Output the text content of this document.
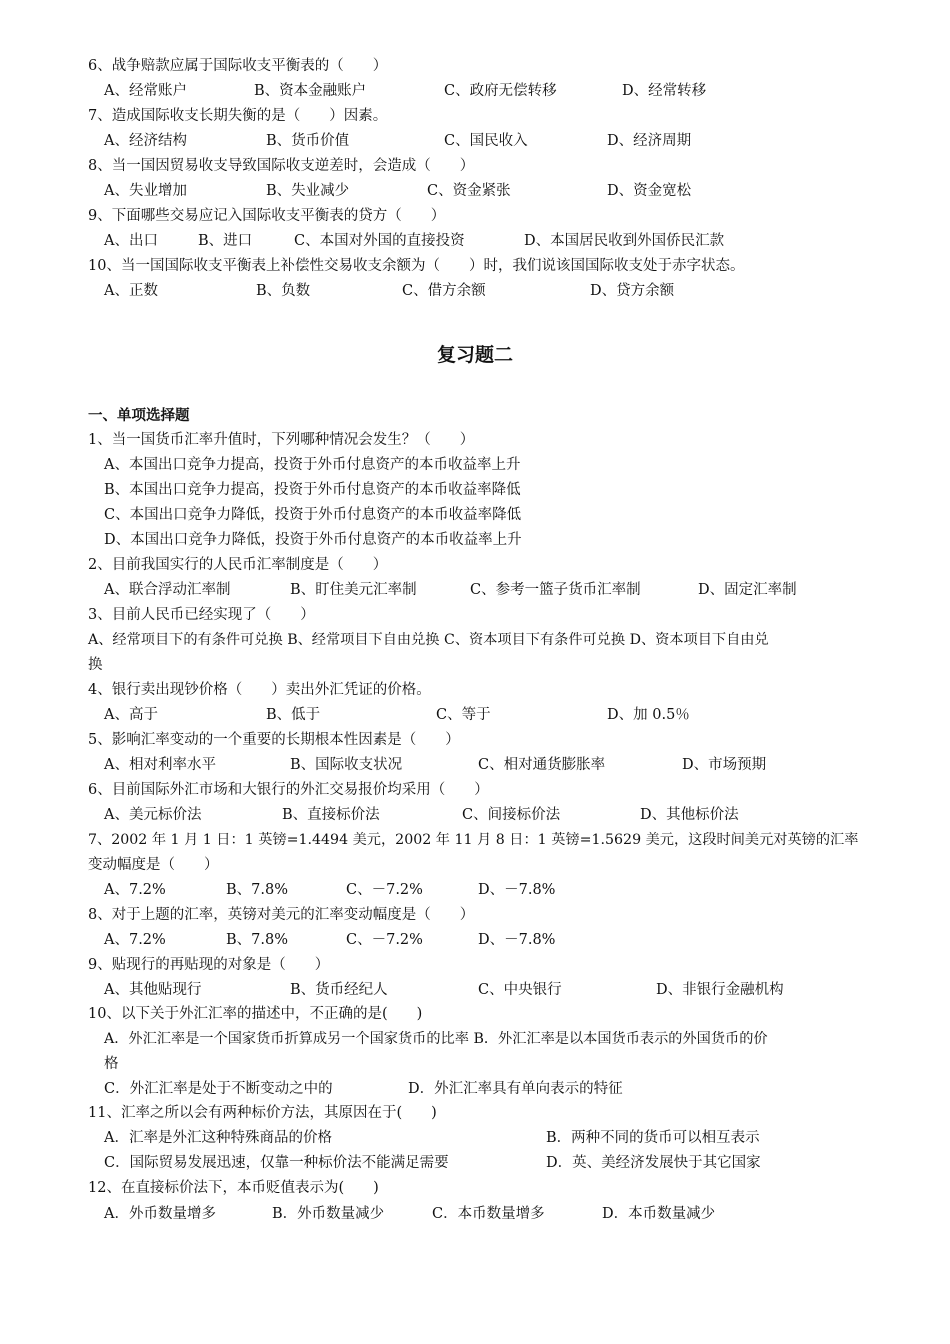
6、战争赔款应属于国际收支平衡表的（　　）
A、经常账户	B、资本金融账户	C、政府无偿转移	D、经常转移
7、造成国际收支长期失衡的是（　　）因素。
A、经济结构	B、货币价值	C、国民收入	D、经济周期
8、当一国因贸易收支导致国际收支逆差时，会造成（　　）
A、失业增加	B、失业减少	C、资金紧张	D、资金宽松
9、下面哪些交易应记入国际收支平衡表的贷方（　　）
A、出口	B、进口	C、本国对外国的直接投资	D、本国居民收到外国侨民汇款
10、当一国国际收支平衡表上补偿性交易收支余额为（　　）时，我们说该国国际收支处于赤字状态。
A、正数	B、负数	C、借方余额	D、贷方余额
复习题二
一、单项选择题
1、当一国货币汇率升值时，下列哪种情况会发生？（　　）
A、本国出口竞争力提高，投资于外币付息资产的本币收益率上升
B、本国出口竞争力提高，投资于外币付息资产的本币收益率降低
C、本国出口竞争力降低，投资于外币付息资产的本币收益率降低
D、本国出口竞争力降低，投资于外币付息资产的本币收益率上升
2、目前我国实行的人民币汇率制度是（　　）
A、联合浮动汇率制	B、盯住美元汇率制	C、参考一篮子货币汇率制	D、固定汇率制
3、目前人民币已经实现了（　　）
A、经常项目下的有条件可兑换 B、经常项目下自由兑换 C、资本项目下有条件可兑换 D、资本项目下自由兑
换
4、银行卖出现钞价格（　　）卖出外汇凭证的价格。
A、高于	B、低于	C、等于	D、加 0.5％
5、影响汇率变动的一个重要的长期根本性因素是（　　）
A、相对利率水平	B、国际收支状况	C、相对通货膨胀率	D、市场预期
6、目前国际外汇市场和大银行的外汇交易报价均采用（　　）
A、美元标价法	B、直接标价法	C、间接标价法	D、其他标价法
7、2002 年 1 月 1 日：1 英镑=1.4494 美元，2002 年 11 月 8 日：1 英镑=1.5629 美元，这段时间美元对英镑的汇率
变动幅度是（　　）
A、7.2%	B、7.8%	C、－7.2%	D、－7.8%
8、对于上题的汇率，英镑对美元的汇率变动幅度是（　　）
A、7.2%	B、7.8%	C、－7.2%	D、－7.8%
9、贴现行的再贴现的对象是（　　）
A、其他贴现行	B、货币经纪人	C、中央银行	D、非银行金融机构
10、以下关于外汇汇率的描述中，不正确的是(　　)
A．外汇汇率是一个国家货币折算成另一个国家货币的比率 B．外汇汇率是以本国货币表示的外国货币的价
格
C．外汇汇率是处于不断变动之中的	D．外汇汇率具有单向表示的特征
11、汇率之所以会有两种标价方法，其原因在于(　　)
A．汇率是外汇这种特殊商品的价格	B．两种不同的货币可以相互表示
C．国际贸易发展迅速，仅靠一种标价法不能满足需要	D．英、美经济发展快于其它国家
12、在直接标价法下，本币贬值表示为(　　)
A．外币数量增多	B．外币数量减少	C．本币数量增多	D．本币数量减少
